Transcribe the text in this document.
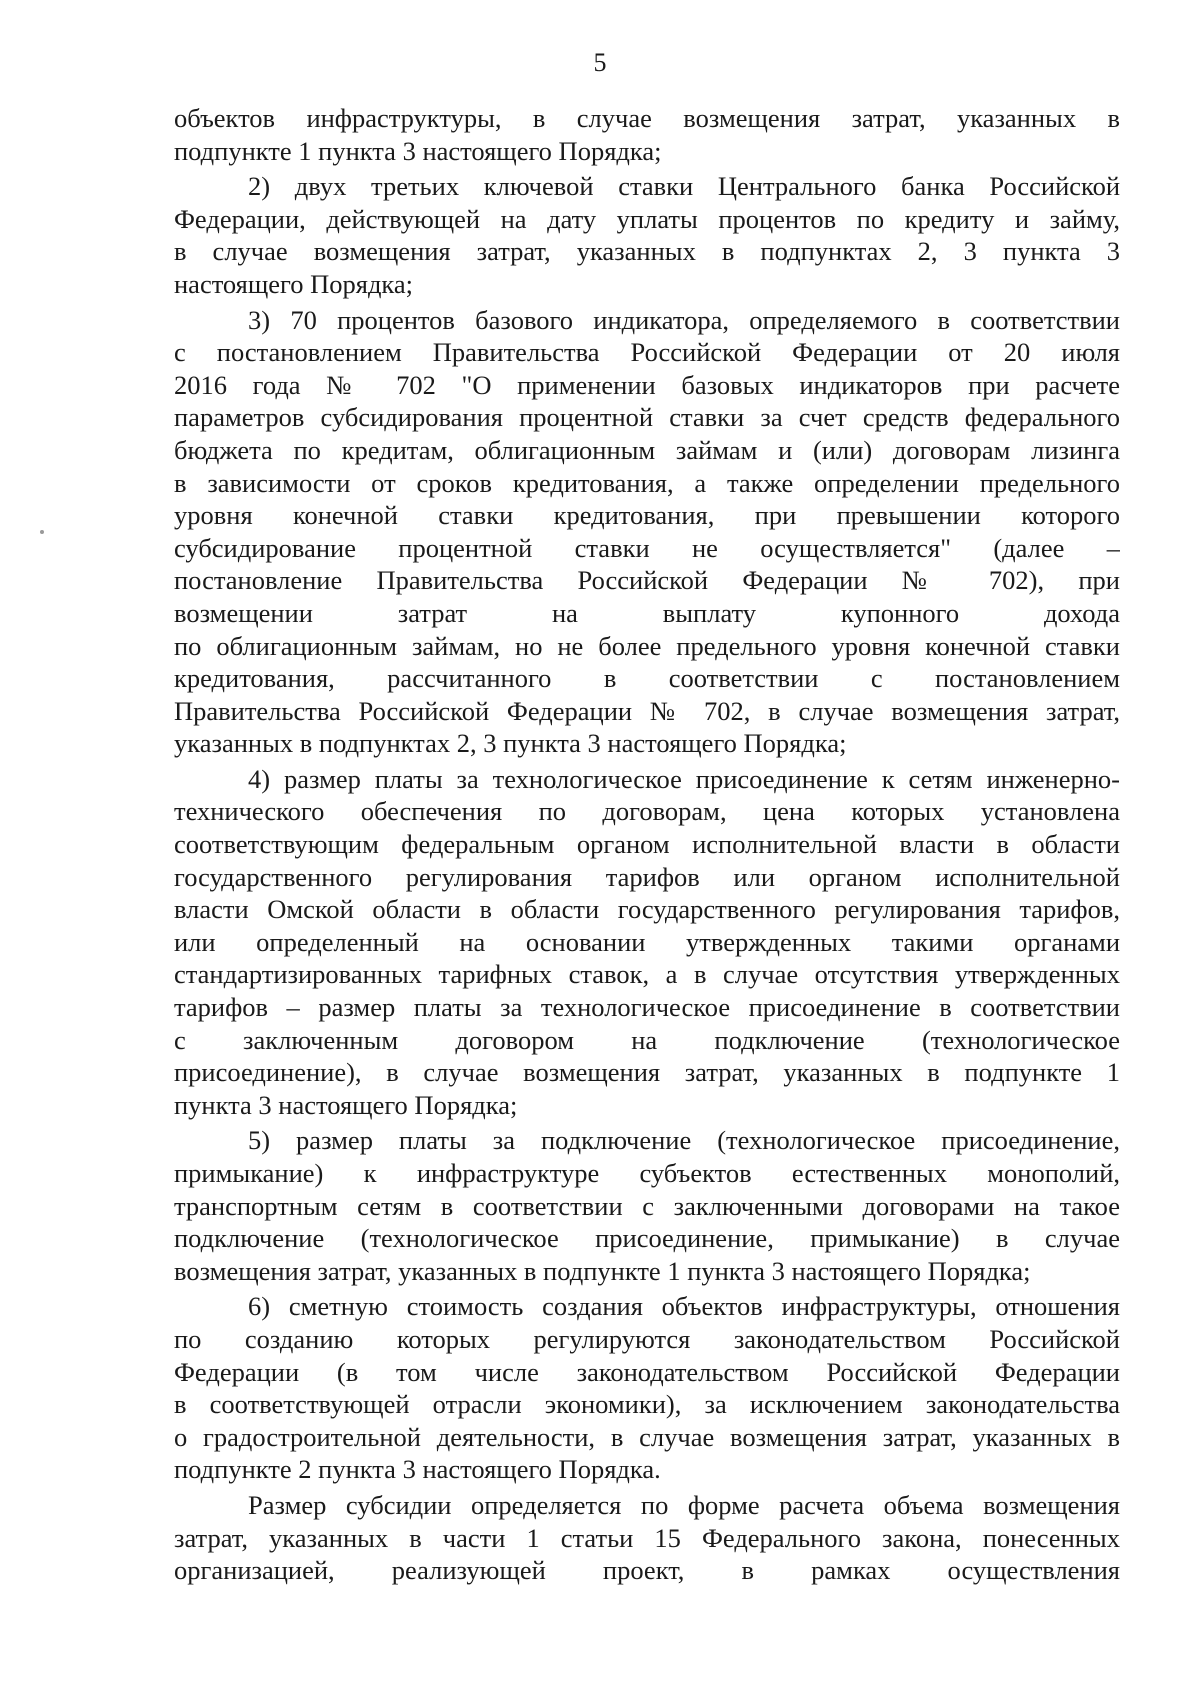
5
объектов инфраструктуры, в случае возмещения затрат, указанных в
подпункте 1 пункта 3 настоящего Порядка;
2) двух третьих ключевой ставки Центрального банка Российской
Федерации, действующей на дату уплаты процентов по кредиту и займу,
в случае возмещения затрат, указанных в подпунктах 2, 3 пункта 3
настоящего Порядка;
3) 70 процентов базового индикатора, определяемого в соответствии
с постановлением Правительства Российской Федерации от 20 июля
2016 года № 702 "О применении базовых индикаторов при расчете
параметров субсидирования процентной ставки за счет средств федерального
бюджета по кредитам, облигационным займам и (или) договорам лизинга
в зависимости от сроков кредитования, а также определении предельного
уровня конечной ставки кредитования, при превышении которого
субсидирование процентной ставки не осуществляется" (далее –
постановление Правительства Российской Федерации № 702), при
возмещении затрат на выплату купонного дохода
по облигационным займам, но не более предельного уровня конечной ставки
кредитования, рассчитанного в соответствии с постановлением
Правительства Российской Федерации № 702, в случае возмещения затрат,
указанных в подпунктах 2, 3 пункта 3 настоящего Порядка;
4) размер платы за технологическое присоединение к сетям инженерно-
технического обеспечения по договорам, цена которых установлена
соответствующим федеральным органом исполнительной власти в области
государственного регулирования тарифов или органом исполнительной
власти Омской области в области государственного регулирования тарифов,
или определенный на основании утвержденных такими органами
стандартизированных тарифных ставок, а в случае отсутствия утвержденных
тарифов – размер платы за технологическое присоединение в соответствии
с заключенным договором на подключение (технологическое
присоединение), в случае возмещения затрат, указанных в подпункте 1
пункта 3 настоящего Порядка;
5) размер платы за подключение (технологическое присоединение,
примыкание) к инфраструктуре субъектов естественных монополий,
транспортным сетям в соответствии с заключенными договорами на такое
подключение (технологическое присоединение, примыкание) в случае
возмещения затрат, указанных в подпункте 1 пункта 3 настоящего Порядка;
6) сметную стоимость создания объектов инфраструктуры, отношения
по созданию которых регулируются законодательством Российской
Федерации (в том числе законодательством Российской Федерации
в соответствующей отрасли экономики), за исключением законодательства
о градостроительной деятельности, в случае возмещения затрат, указанных в
подпункте 2 пункта 3 настоящего Порядка.
Размер субсидии определяется по форме расчета объема возмещения
затрат, указанных в части 1 статьи 15 Федерального закона, понесенных
организацией, реализующей проект, в рамках осуществления
